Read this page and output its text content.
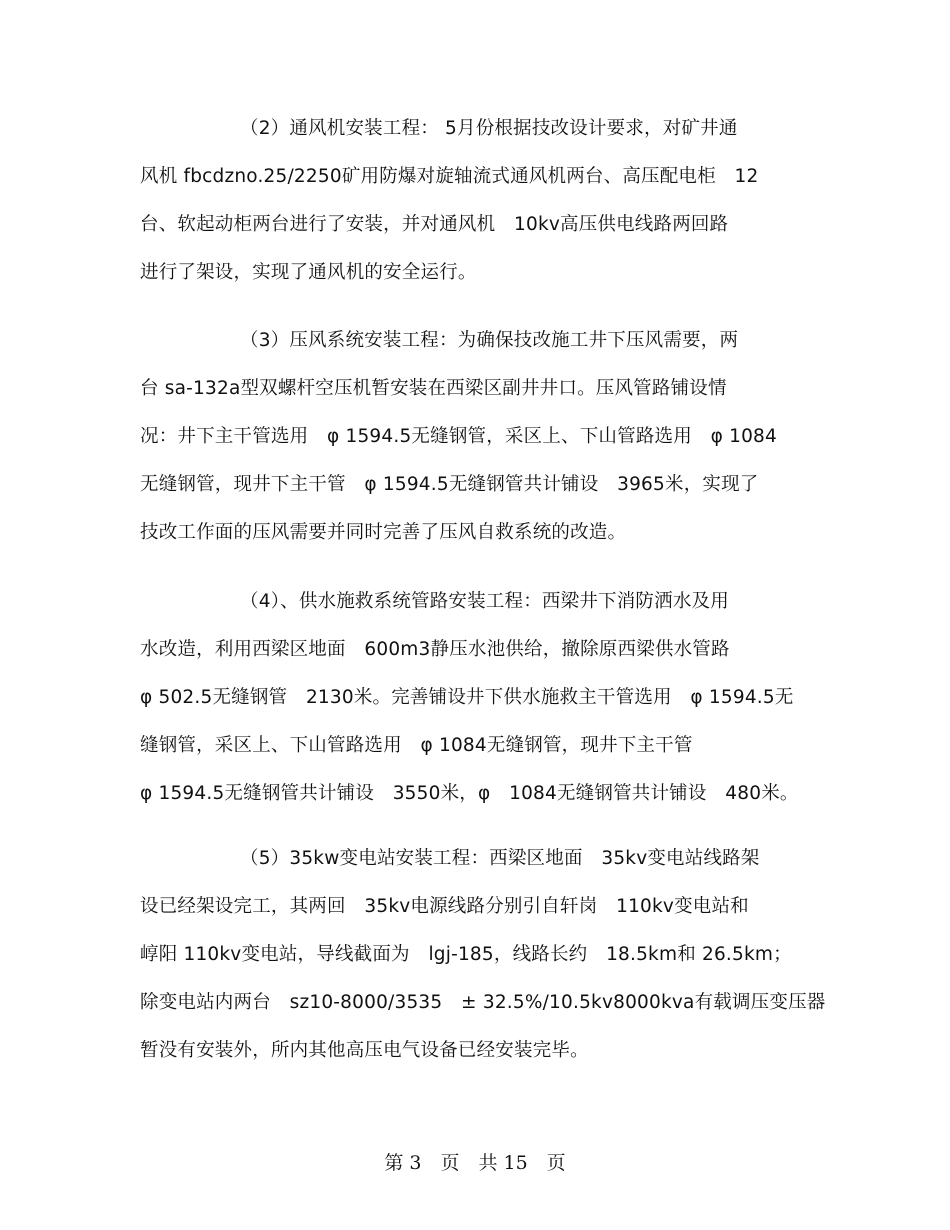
（2）通风机安装工程： 5月份根据技改设计要求，对矿井通
风机 fbcdzno.25/2250矿用防爆对旋轴流式通风机两台、高压配电柜　12
台、软起动柜两台进行了安装，并对通风机　10kv高压供电线路两回路
进行了架设，实现了通风机的安全运行。
（3）压风系统安装工程：为确保技改施工井下压风需要，两
台 sa-132a型双螺杆空压机暂安装在西梁区副井井口。压风管路铺设情
况：井下主干管选用　φ 1594.5无缝钢管，采区上、下山管路选用　φ 1084
无缝钢管，现井下主干管　φ 1594.5无缝钢管共计铺设　3965米，实现了
技改工作面的压风需要并同时完善了压风自救系统的改造。
（4）、供水施救系统管路安装工程：西梁井下消防洒水及用
水改造，利用西梁区地面　600m3静压水池供给，撤除原西梁供水管路
φ 502.5无缝钢管　2130米。完善铺设井下供水施救主干管选用　φ 1594.5无
缝钢管，采区上、下山管路选用　φ 1084无缝钢管，现井下主干管
φ 1594.5无缝钢管共计铺设　3550米，φ　1084无缝钢管共计铺设　480米。
（5）35kw变电站安装工程：西梁区地面　35kv变电站线路架
设已经架设完工，其两回　35kv电源线路分别引自轩岗　110kv变电站和
崞阳 110kv变电站，导线截面为　lgj-185，线路长约　18.5km和 26.5km；
除变电站内两台　sz10-8000/3535　± 32.5%/10.5kv8000kva有载调压变压器
暂没有安装外，所内其他高压电气设备已经安装完毕。
第 3　页　共 15　页
